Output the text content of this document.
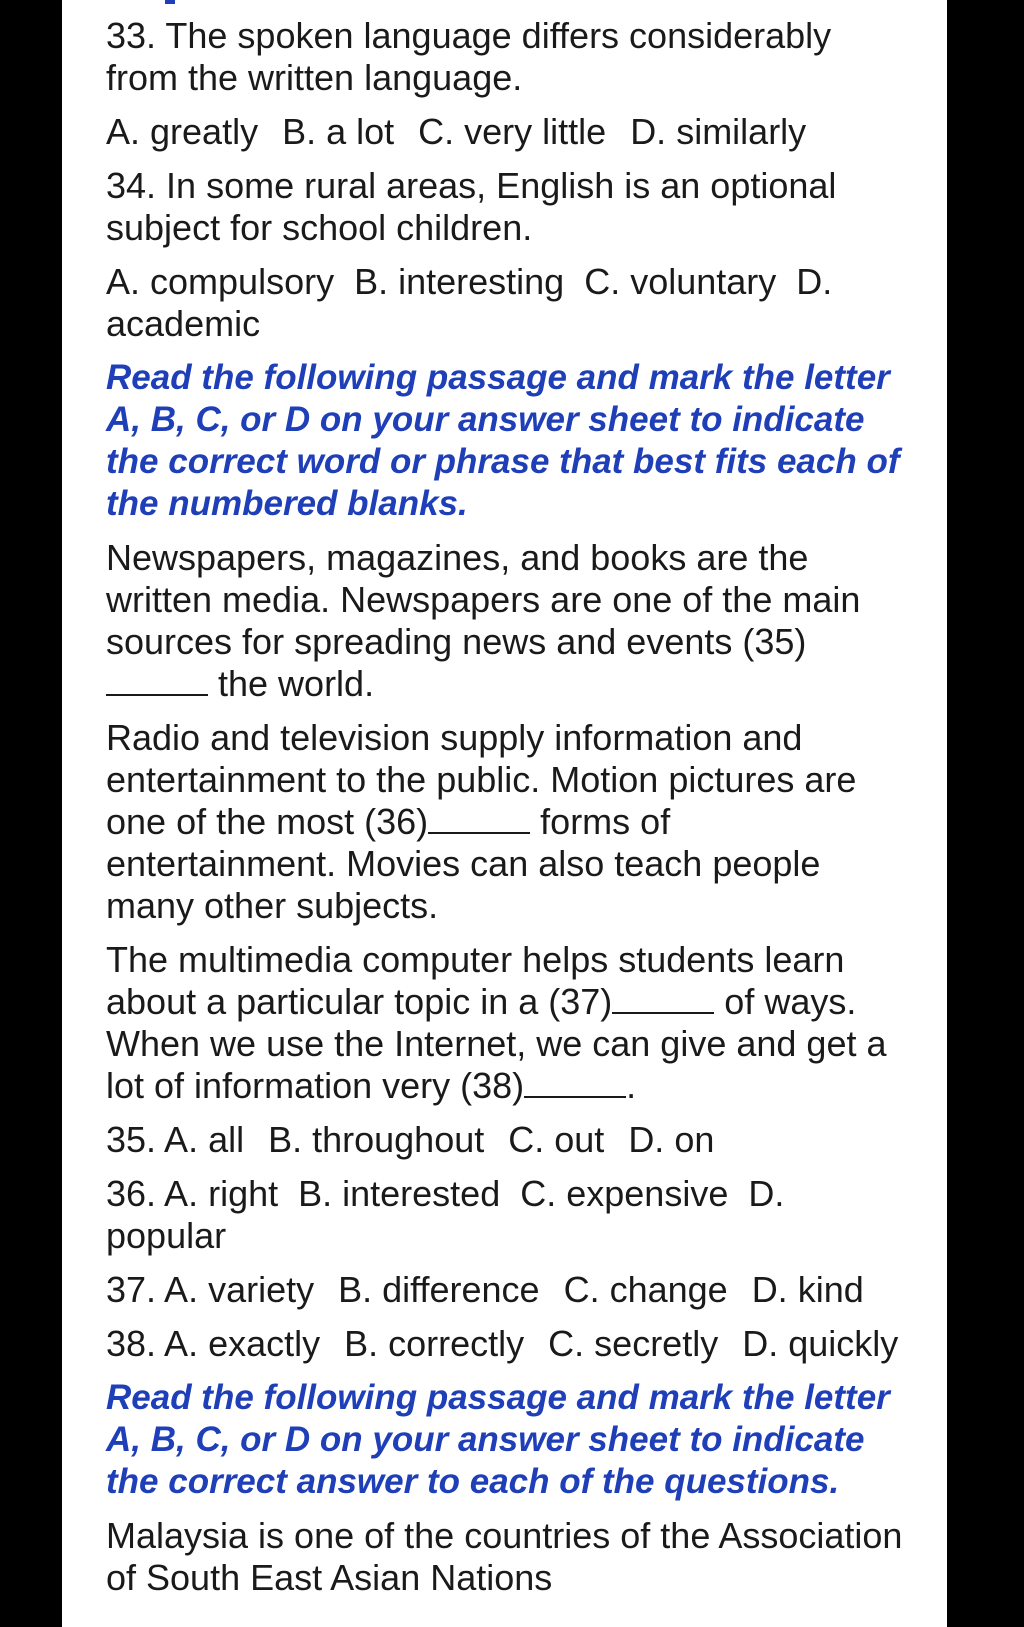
33. The spoken language differs considerably from the written language.
A. greatly B. a lot C. very little D. similarly
34. In some rural areas, English is an optional subject for school children.
A. compulsory  B. interesting  C. voluntary  D. academic
Read the following passage and mark the letter A, B, C, or D on your answer sheet to indicate the correct word or phrase that best fits each of the numbered blanks.
Newspapers, magazines, and books are the written media. Newspapers are one of the main sources for spreading news and events (35) the world.
Radio and television supply information and entertainment to the public. Motion pictures are one of the most (36)	forms of entertainment. Movies can also teach people many other subjects.
The multimedia computer helps students learn about a particular topic in a (37)	of ways. When we use the Internet, we can give and get a lot of information very (38)	.
35. A. all B. throughout C. out D. on
36. A. right  B. interested  C. expensive  D. popular
37. A. variety B. difference C. change D. kind
38. A. exactly B. correctly C. secretly D. quickly
Read the following passage and mark the letter A, B, C, or D on your answer sheet to indicate the correct answer to each of the questions.
Malaysia is one of the countries of the Association of South East Asian Nations
